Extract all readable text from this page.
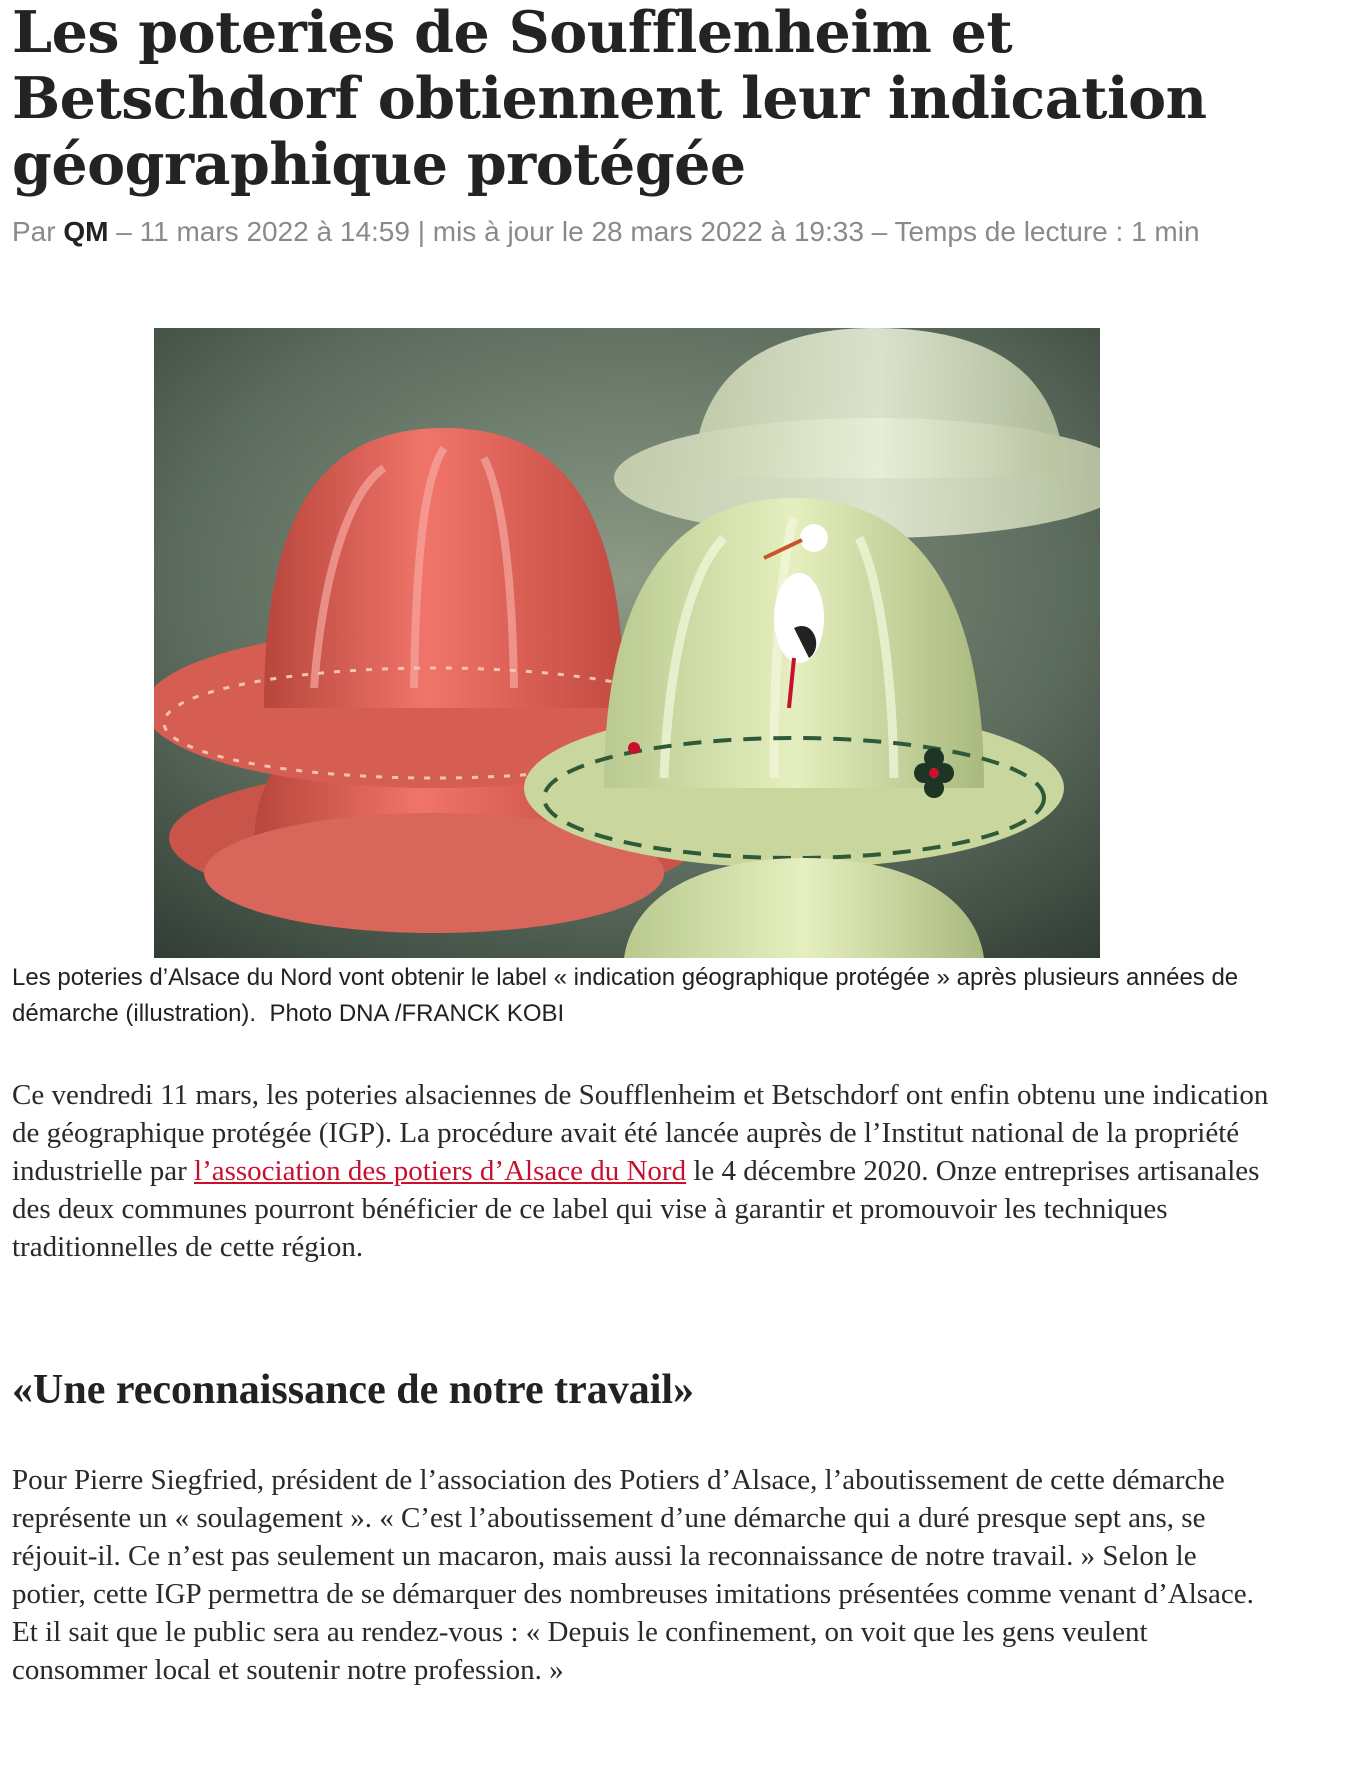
Les poteries de Soufflenheim et Betschdorf obtiennent leur indication géographique protégée
Par QM – 11 mars 2022 à 14:59 | mis à jour le 28 mars 2022 à 19:33 – Temps de lecture : 1 min
Les poteries d’Alsace du Nord vont obtenir le label « indication géographique protégée » après plusieurs années de démarche (illustration). Photo DNA /FRANCK KOBI

Ce vendredi 11 mars, les poteries alsaciennes de Soufflenheim et Betschdorf ont enfin obtenu une indication de géographique protégée (IGP). La procédure avait été lancée auprès de l’Institut national de la propriété industrielle par l’association des potiers d’Alsace du Nord le 4 décembre 2020. Onze entreprises artisanales des deux communes pourront bénéficier de ce label qui vise à garantir et promouvoir les techniques traditionnelles de cette région.

«Une reconnaissance de notre travail»

Pour Pierre Siegfried, président de l’association des Potiers d’Alsace, l’aboutissement de cette démarche représente un « soulagement ». « C’est l’aboutissement d’une démarche qui a duré presque sept ans, se réjouit-il. Ce n’est pas seulement un macaron, mais aussi la reconnaissance de notre travail. » Selon le potier, cette IGP permettra de se démarquer des nombreuses imitations présentées comme venant d’Alsace. Et il sait que le public sera au rendez-vous : « Depuis le confinement, on voit que les gens veulent consommer local et soutenir notre profession. »
